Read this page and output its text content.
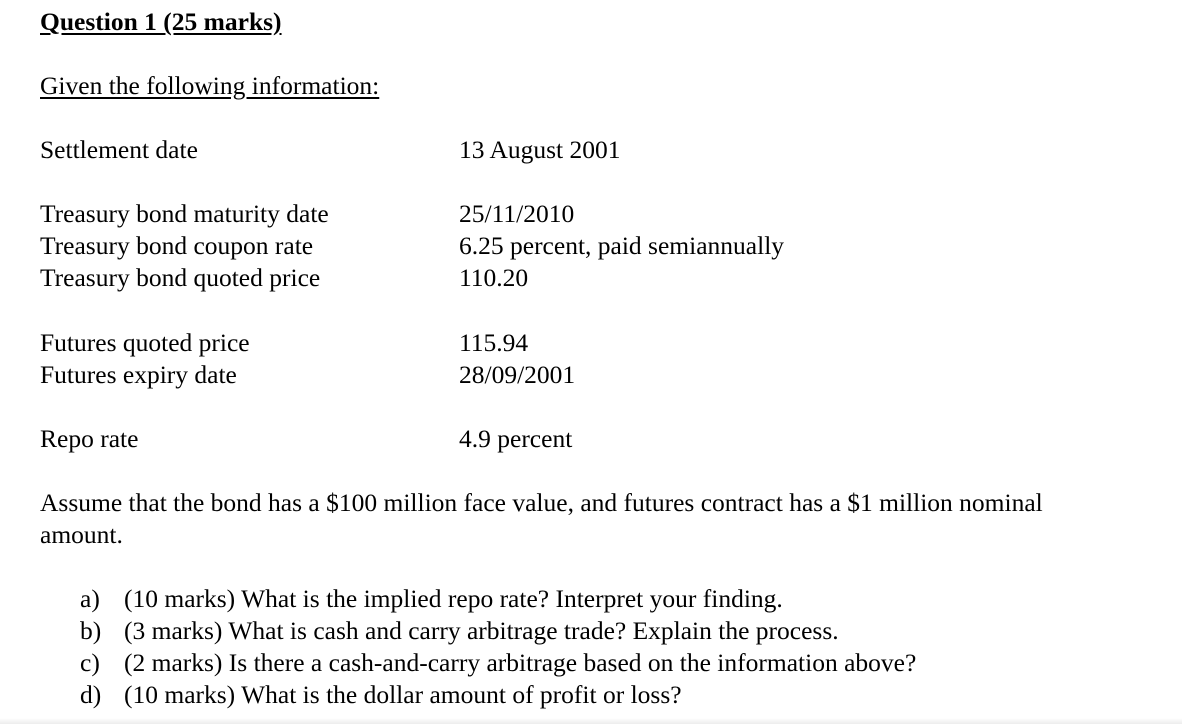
Question 1 (25 marks)
Given the following information:
Settlement date	13 August 2001
Treasury bond maturity date	25/11/2010
Treasury bond coupon rate	6.25 percent, paid semiannually
Treasury bond quoted price	110.20
Futures quoted price	115.94
Futures expiry date	28/09/2001
Repo rate	4.9 percent
Assume that the bond has a $100 million face value, and futures contract has a $1 million nominal amount.
a) (10 marks) What is the implied repo rate? Interpret your finding.
b) (3 marks) What is cash and carry arbitrage trade? Explain the process.
c) (2 marks) Is there a cash-and-carry arbitrage based on the information above?
d) (10 marks) What is the dollar amount of profit or loss?
